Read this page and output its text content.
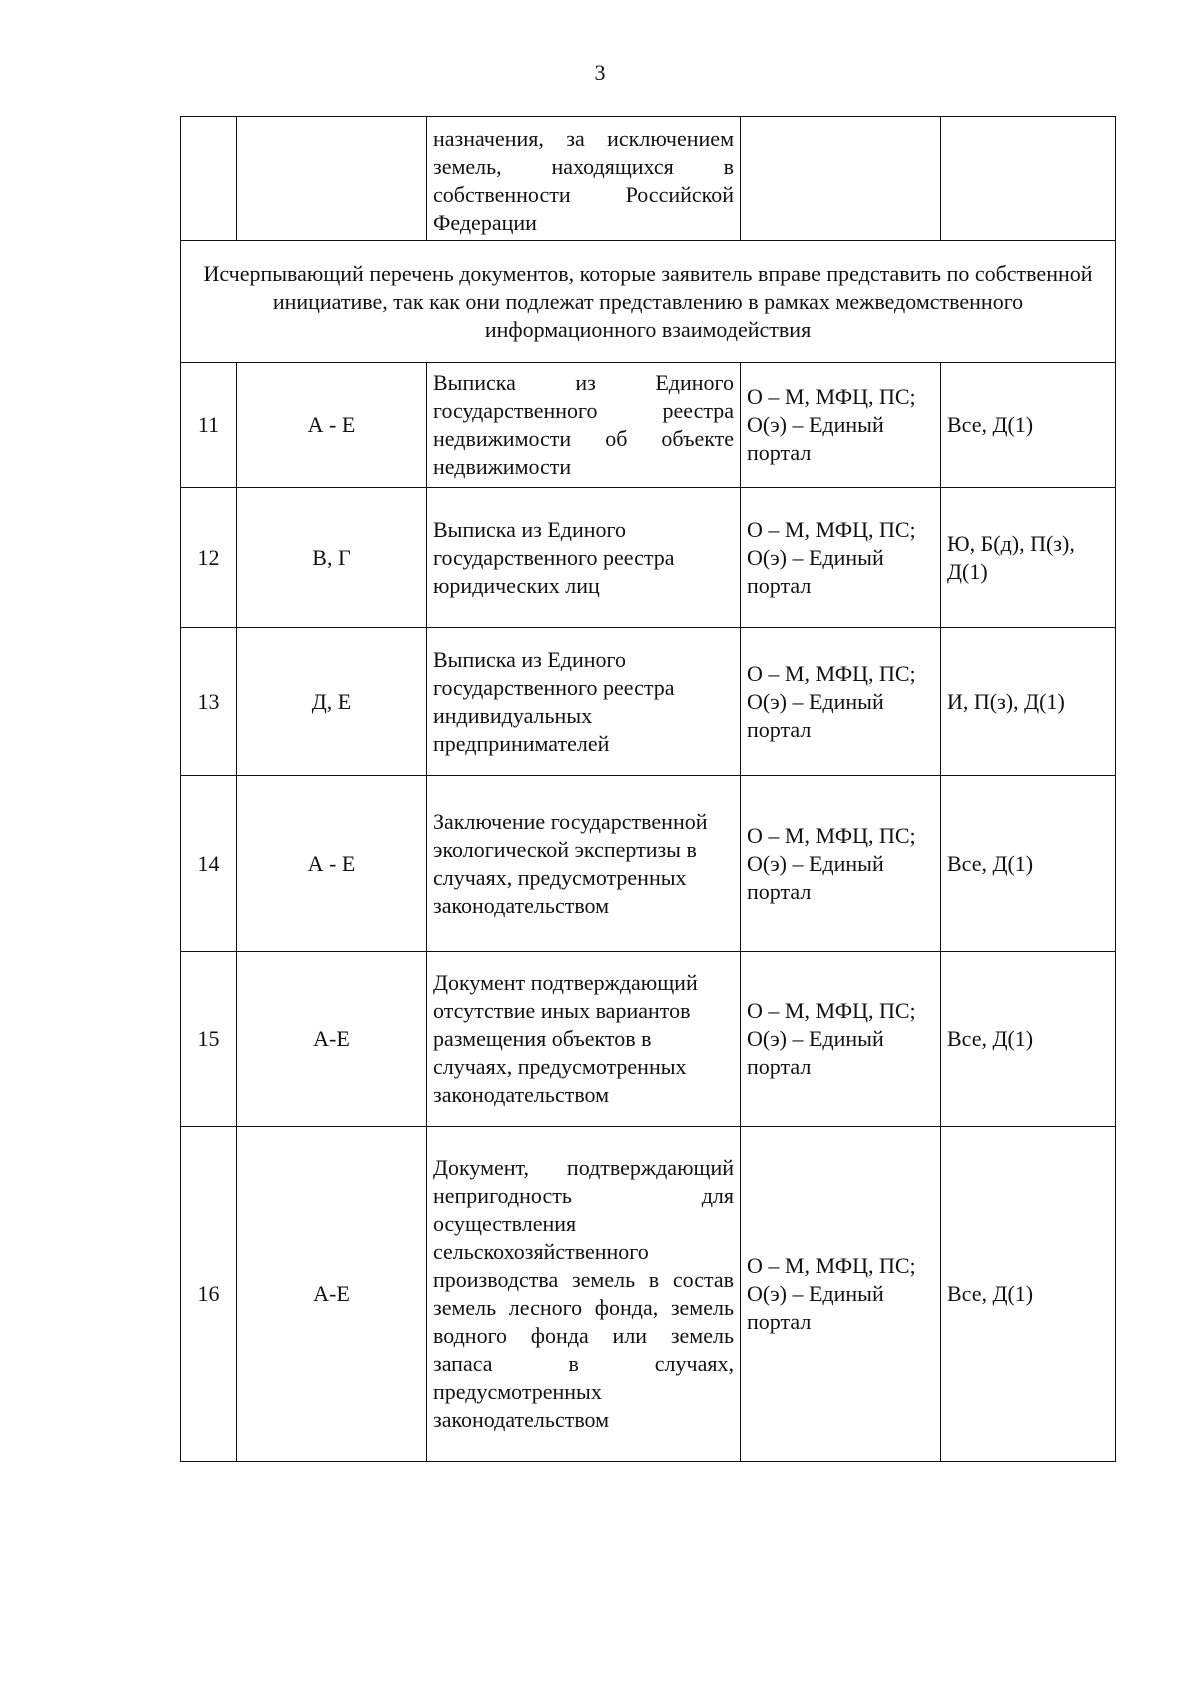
3

		назначения, за исключением
земель, находящихся в
собственности Российской
Федерации		

Исчерпывающий перечень документов, которые заявитель вправе представить по собственной инициативе, так как они подлежат представлению в рамках межведомственного информационного взаимодействия				
11	А - Е	Выписка из Единого государственного реестра недвижимости об объекте недвижимости	О – М, МФЦ, ПС; О(э) – Единый портал	Все, Д(1)
12	В, Г	Выписка из Единого государственного реестра юридических лиц	О – М, МФЦ, ПС; О(э) – Единый портал	Ю, Б(д), П(з), Д(1)
13	Д, Е	Выписка из Единого государственного реестра индивидуальных предпринимателей	О – М, МФЦ, ПС; О(э) – Единый портал	И, П(з), Д(1)
14	А - Е	Заключение государственной экологической экспертизы в случаях, предусмотренных законодательством	О – М, МФЦ, ПС; О(э) – Единый портал	Все, Д(1)
15	А-Е	Документ подтверждающий отсутствие иных вариантов размещения объектов в случаях, предусмотренных законодательством	О – М, МФЦ, ПС; О(э) – Единый портал	Все, Д(1)
16	А-Е	Документ, подтверждающий непригодность для осуществления сельскохозяйственного производства земель в состав земель лесного фонда, земель водного фонда или земель запаса в случаях, предусмотренных законодательством	О – М, МФЦ, ПС; О(э) – Единый портал	Все, Д(1)
